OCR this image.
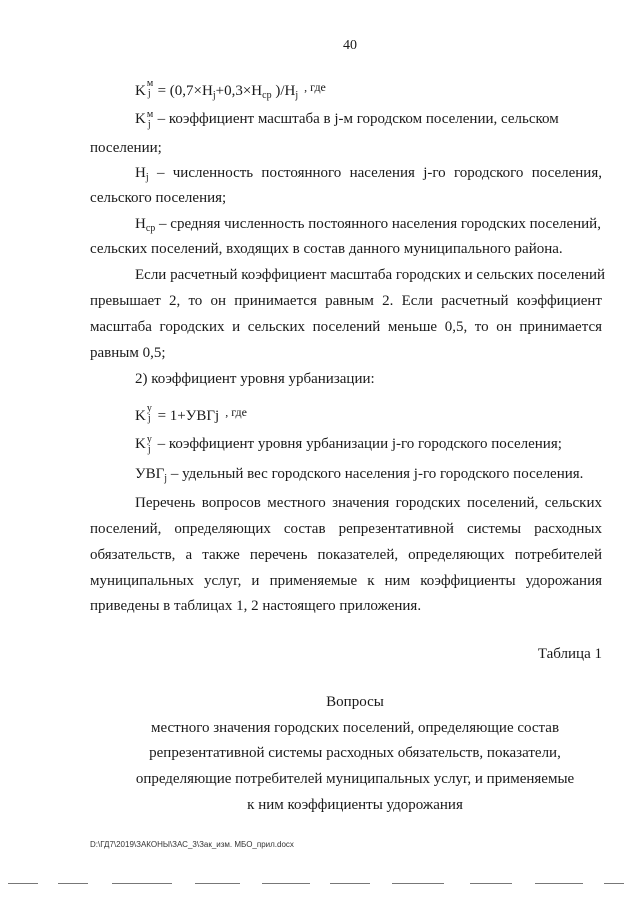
40
K м
$j = (0,7\times H_j+0,3\times H_{ср}$ )$/H_j^{, где}$
K м
j – коэффициент масштаба в j-м городском поселении, сельском
поселении;
$H_j$ – численность постоянного населения j-го городского поселения,
сельского поселения;
$H_{ср}$ – средняя численность постоянного населения городских поселений,
сельских поселений, входящих в состав данного муниципального района.
Если расчетный коэффициент масштаба городских и сельских поселений
превышает 2, то он принимается равным 2. Если расчетный коэффициент
масштаба городских и сельских поселений меньше 0,5, то он принимается
равным 0,5;
2) коэффициент уровня урбанизации:
K у
j = 1+УВГj $^{, где}$
K у
j – коэффициент уровня урбанизации j-го городского поселения;
$УВГ_j$ – удельный вес городского населения j-го городского поселения.
Перечень вопросов местного значения городских поселений, сельских
поселений, определяющих состав репрезентативной системы расходных
обязательств, а также перечень показателей, определяющих потребителей
муниципальных услуг, и применяемые к ним коэффициенты удорожания
приведены в таблицах 1, 2 настоящего приложения.
Таблица 1
Вопросы
местного значения городских поселений, определяющие состав
репрезентативной системы расходных обязательств, показатели,
определяющие потребителей муниципальных услуг, и применяемые
к ним коэффициенты удорожания
D:\ГД7\2019\ЗАКОНЫ\ЗАС_3\Зак_изм. МБО_прил.docx
